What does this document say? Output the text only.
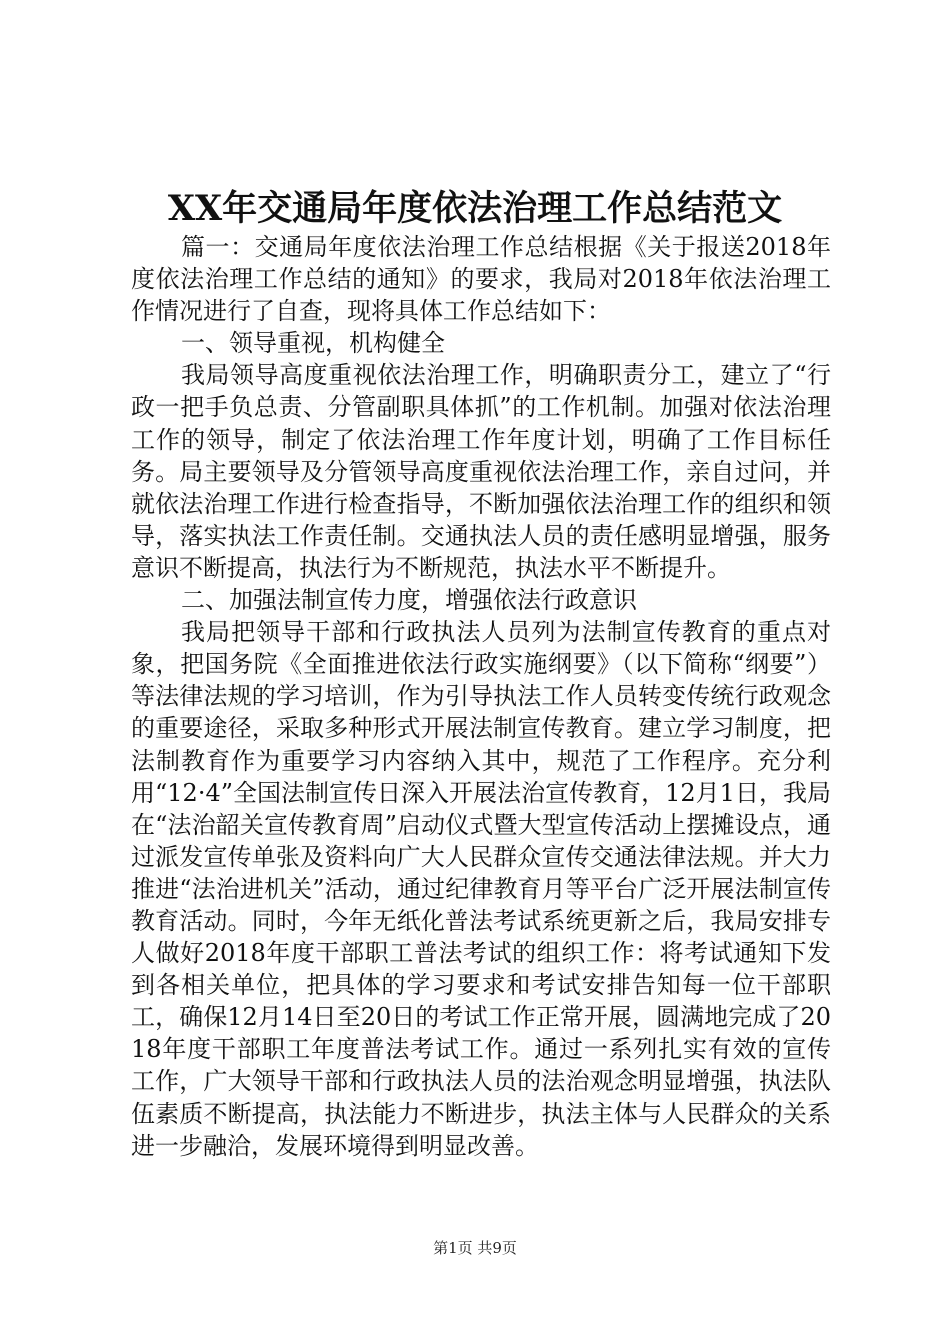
XX年交通局年度依法治理工作总结范文

篇一：交通局年度依法治理工作总结根据《关于报送2018年度依法治理工作总结的通知》的要求，我局对2018年依法治理工作情况进行了自查，现将具体工作总结如下：

一、领导重视，机构健全

我局领导高度重视依法治理工作，明确职责分工，建立了“行政一把手负总责、分管副职具体抓”的工作机制。加强对依法治理工作的领导，制定了依法治理工作年度计划，明确了工作目标任务。局主要领导及分管领导高度重视依法治理工作，亲自过问，并就依法治理工作进行检查指导，不断加强依法治理工作的组织和领导，落实执法工作责任制。交通执法人员的责任感明显增强，服务意识不断提高，执法行为不断规范，执法水平不断提升。

二、加强法制宣传力度，增强依法行政意识

我局把领导干部和行政执法人员列为法制宣传教育的重点对象，把国务院《全面推进依法行政实施纲要》（以下简称“纲要”）等法律法规的学习培训，作为引导执法工作人员转变传统行政观念的重要途径，采取多种形式开展法制宣传教育。建立学习制度，把法制教育作为重要学习内容纳入其中，规范了工作程序。充分利用“12·4”全国法制宣传日深入开展法治宣传教育，12月1日，我局在“法治韶关宣传教育周”启动仪式暨大型宣传活动上摆摊设点，通过派发宣传单张及资料向广大人民群众宣传交通法律法规。并大力推进“法治进机关”活动，通过纪律教育月等平台广泛开展法制宣传教育活动。同时，今年无纸化普法考试系统更新之后，我局安排专人做好2018年度干部职工普法考试的组织工作：将考试通知下发到各相关单位，把具体的学习要求和考试安排告知每一位干部职工，确保12月14日至20日的考试工作正常开展，圆满地完成了2018年度干部职工年度普法考试工作。通过一系列扎实有效的宣传工作，广大领导干部和行政执法人员的法治观念明显增强，执法队伍素质不断提高，执法能力不断进步，执法主体与人民群众的关系进一步融洽，发展环境得到明显改善。

第1页 共9页
